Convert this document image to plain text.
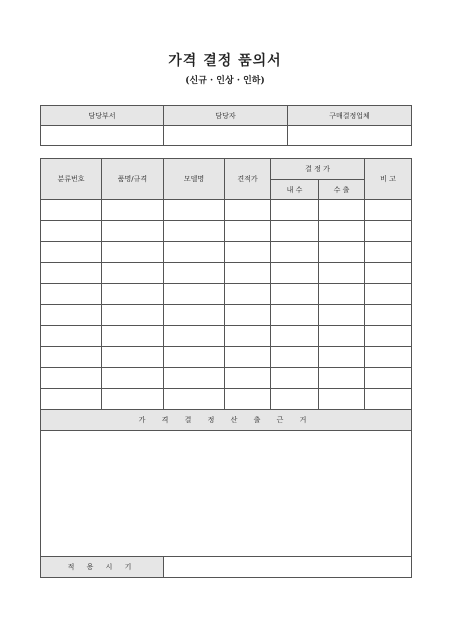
가격 결정 품의서
(신규 · 인상 · 인하)
담당부서	담당자	구매결정업체

분류번호	품명/규격	모델명	견적가	결 정 가		비 고
				내 수	수 출	

가 격 결 정 산 출 근 거						

적 용 시 기						
